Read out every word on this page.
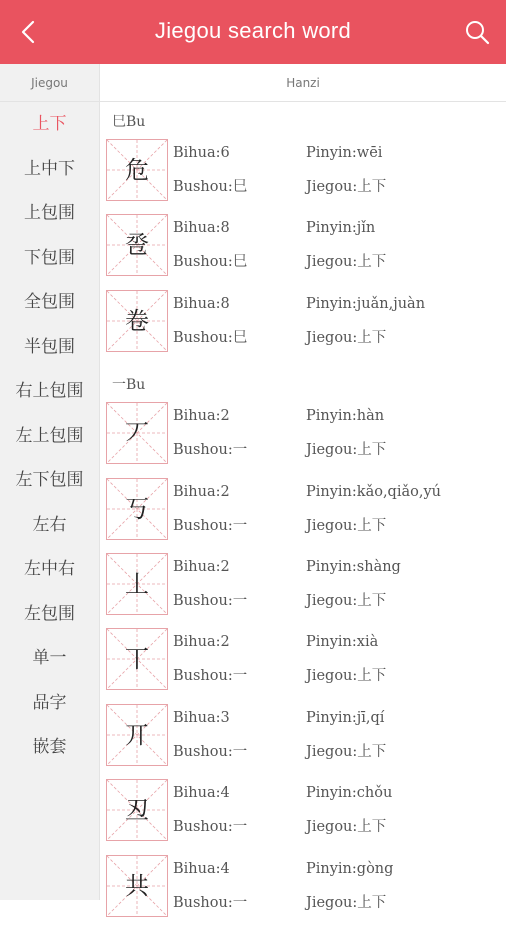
Jiegou search word
Jiegou
上下
上中下
上包围
下包围
全包围
半包围
右上包围
左上包围
左下包围
左右
左中右
左包围
单一
品字
嵌套
Hanzi
巳Bu
危
Bihua:6
Bushou:巳
Pinyin:wēi
Jiegou:上下
卺
Bihua:8
Bushou:巳
Pinyin:jǐn
Jiegou:上下
卷
Bihua:8
Bushou:巳
Pinyin:juǎn,juàn
Jiegou:上下
一Bu
丆
Bihua:2
Bushou:一
Pinyin:hàn
Jiegou:上下
丂
Bihua:2
Bushou:一
Pinyin:kǎo,qiǎo,yú
Jiegou:上下
丄
Bihua:2
Bushou:一
Pinyin:shàng
Jiegou:上下
丅
Bihua:2
Bushou:一
Pinyin:xià
Jiegou:上下
丌
Bihua:3
Bushou:一
Pinyin:jī,qí
Jiegou:上下
丒
Bihua:4
Bushou:一
Pinyin:chǒu
Jiegou:上下
共
Bihua:4
Bushou:一
Pinyin:gòng
Jiegou:上下
